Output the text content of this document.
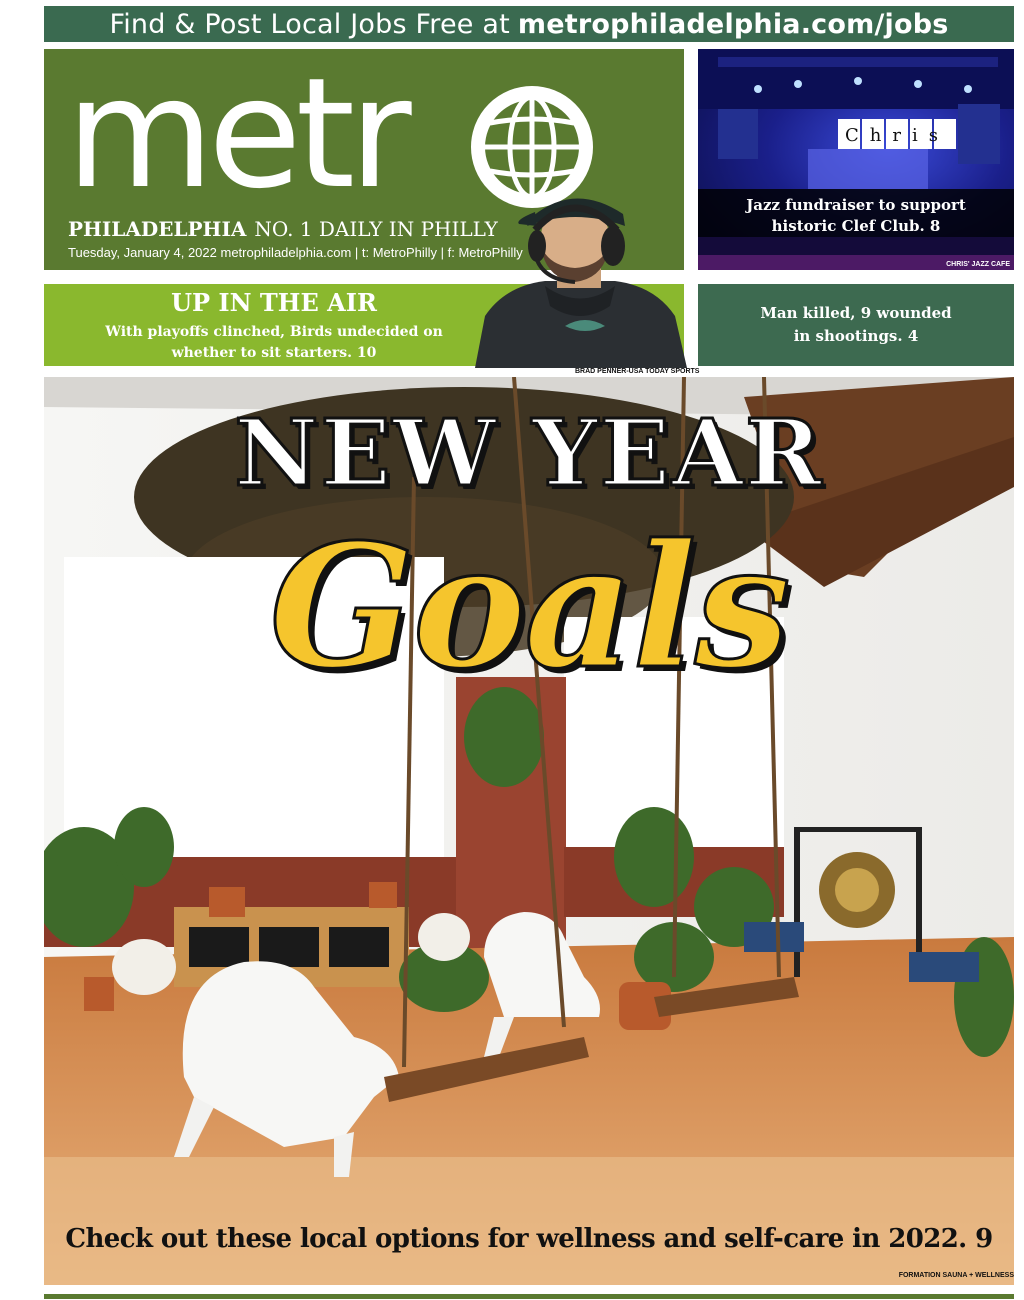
Find & Post Local Jobs Free at metrophiladelphia.com/jobs
metr
PHILADELPHIA NO. 1 DAILY IN PHILLY
Tuesday, January 4, 2022 metrophiladelphia.com | t: MetroPhilly | f: MetroPhilly
Chris
Jazz fundraiser to support
historic Clef Club. 8
CHRIS' JAZZ CAFE
UP IN THE AIR
With playoffs clinched, Birds undecided on
whether to sit starters. 10
BRAD PENNER-USA TODAY SPORTS
Man killed, 9 wounded
in shootings. 4
NEW YEAR
Goals
Check out these local options for wellness and self-care in 2022. 9
FORMATION SAUNA + WELLNESS
